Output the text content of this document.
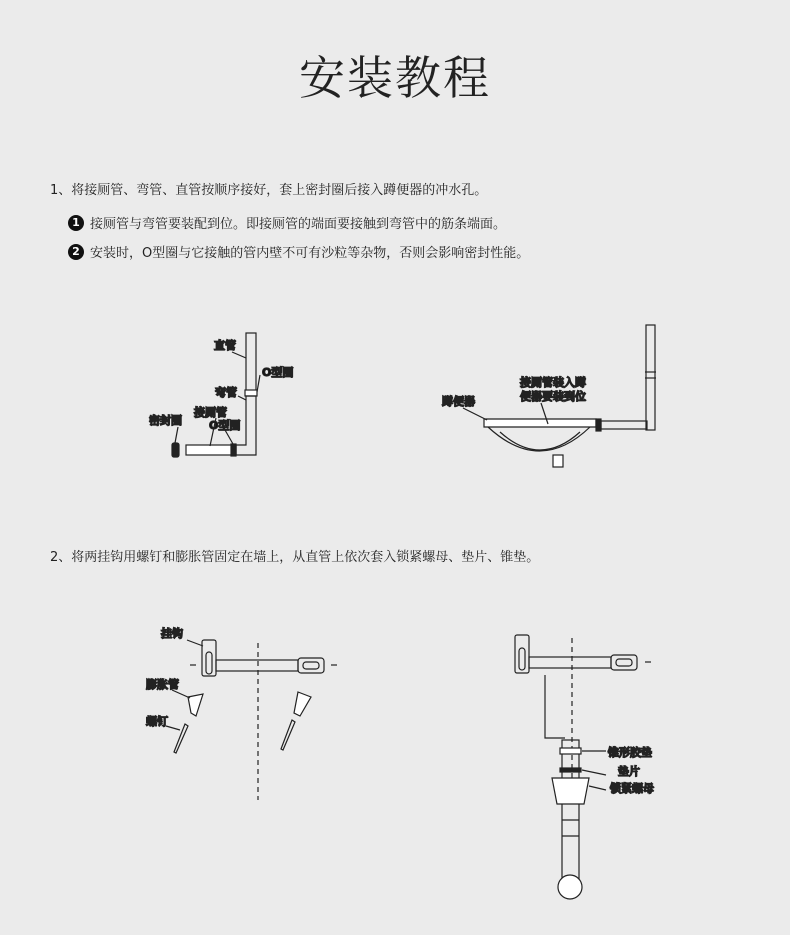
安装教程
1、将接厕管、弯管、直管按顺序接好，套上密封圈后接入蹲便器的冲水孔。
1 接厕管与弯管要装配到位。即接厕管的端面要接触到弯管中的筋条端面。
2 安装时，O型圈与它接触的管内壁不可有沙粒等杂物，否则会影响密封性能。
2、将两挂钩用螺钉和膨胀管固定在墙上，从直管上依次套入锁紧螺母、垫片、锥垫。
直管
O型圈
弯管
接厕管
密封圈 O型圈
接厕管装入蹲
便器要装到位
蹲便器
挂钩
膨胀管
螺钉
锥形胶垫
垫片
锁紧螺母
